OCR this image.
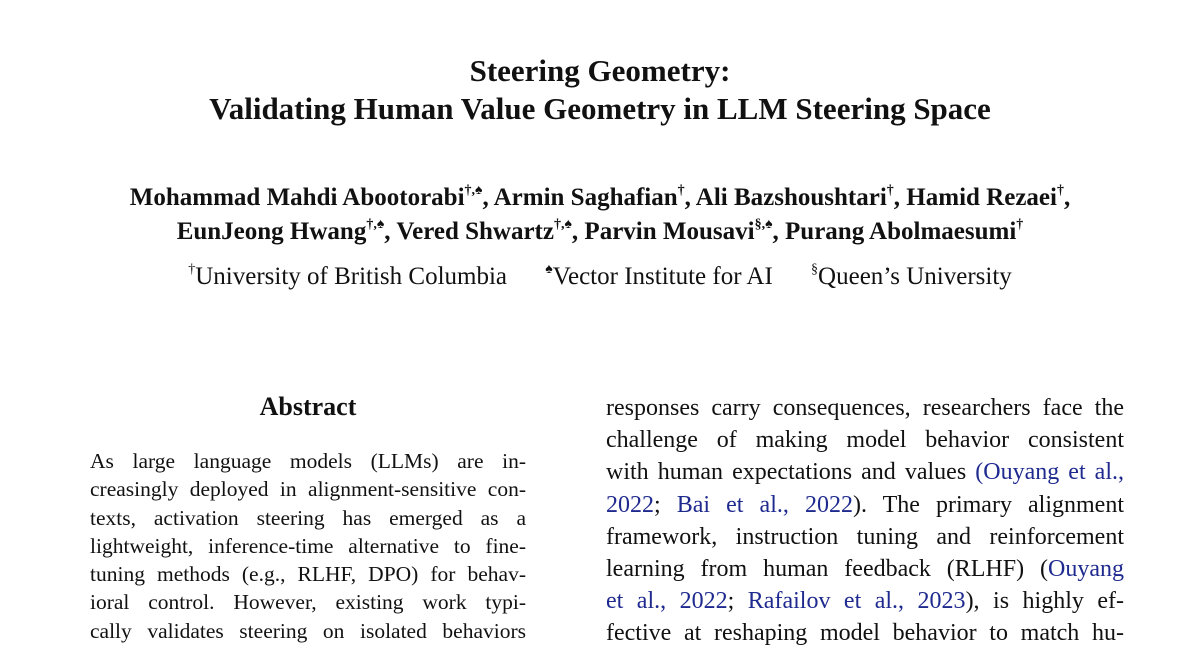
Steering Geometry:
Validating Human Value Geometry in LLM Steering Space
Mohammad Mahdi Abootorabi†,♠, Armin Saghafian†, Ali Bazshoushtari†, Hamid Rezaei†,
EunJeong Hwang†,♠, Vered Shwartz†,♠, Parvin Mousavi§,♠, Purang Abolmaesumi†
†University of British Columbia	♠Vector Institute for AI	§Queen’s University
Abstract
As large language models (LLMs) are in-
creasingly deployed in alignment-sensitive con-
texts, activation steering has emerged as a
lightweight, inference-time alternative to fine-
tuning methods (e.g., RLHF, DPO) for behav-
ioral control. However, existing work typi-
cally validates steering on isolated behaviors
responses carry consequences, researchers face the
challenge of making model behavior consistent
with human expectations and values (Ouyang et al.,
2022; Bai et al., 2022). The primary alignment
framework, instruction tuning and reinforcement
learning from human feedback (RLHF) (Ouyang
et al., 2022; Rafailov et al., 2023), is highly ef-
fective at reshaping model behavior to match hu-
